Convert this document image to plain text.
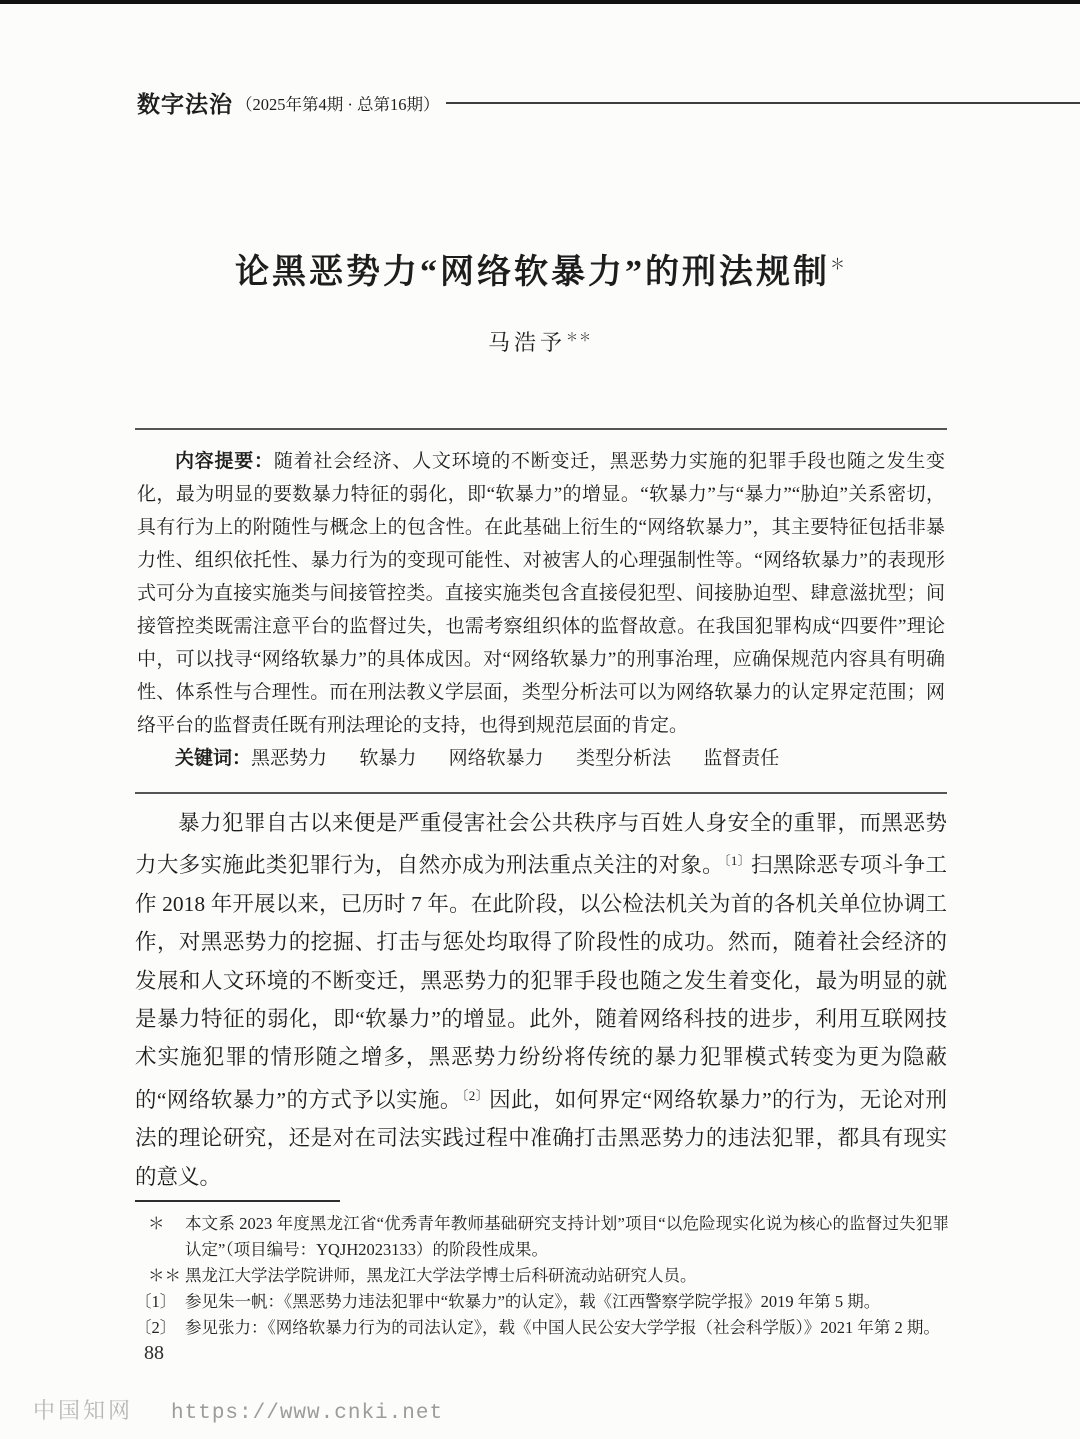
数字法治 （2025年第4期 · 总第16期）
论黑恶势力“网络软暴力”的刑法规制＊
马浩予＊＊

内容提要：随着社会经济、人文环境的不断变迁，黑恶势力实施的犯罪手段也随之发生变化，最为明显的要数暴力特征的弱化，即“软暴力”的增显。“软暴力”与“暴力”“胁迫”关系密切，具有行为上的附随性与概念上的包含性。在此基础上衍生的“网络软暴力”，其主要特征包括非暴力性、组织依托性、暴力行为的变现可能性、对被害人的心理强制性等。“网络软暴力”的表现形式可分为直接实施类与间接管控类。直接实施类包含直接侵犯型、间接胁迫型、肆意滋扰型；间接管控类既需注意平台的监督过失，也需考察组织体的监督故意。在我国犯罪构成“四要件”理论中，可以找寻“网络软暴力”的具体成因。对“网络软暴力”的刑事治理，应确保规范内容具有明确性、体系性与合理性。而在刑法教义学层面，类型分析法可以为网络软暴力的认定界定范围；网络平台的监督责任既有刑法理论的支持，也得到规范层面的肯定。

关键词：黑恶势力 软暴力 网络软暴力 类型分析法 监督责任

暴力犯罪自古以来便是严重侵害社会公共秩序与百姓人身安全的重罪，而黑恶势力大多实施此类犯罪行为，自然亦成为刑法重点关注的对象。$^{〔1〕}$扫黑除恶专项斗争工作 2018 年开展以来，已历时 7 年。在此阶段，以公检法机关为首的各机关单位协调工作，对黑恶势力的挖掘、打击与惩处均取得了阶段性的成功。然而，随着社会经济的发展和人文环境的不断变迁，黑恶势力的犯罪手段也随之发生着变化，最为明显的就是暴力特征的弱化，即“软暴力”的增显。此外，随着网络科技的进步，利用互联网技术实施犯罪的情形随之增多，黑恶势力纷纷将传统的暴力犯罪模式转变为更为隐蔽的“网络软暴力”的方式予以实施。$^{〔2〕}$因此，如何界定“网络软暴力”的行为，无论对刑法的理论研究，还是对在司法实践过程中准确打击黑恶势力的违法犯罪，都具有现实的意义。

＊	本文系 2023 年度黑龙江省“优秀青年教师基础研究支持计划”项目“以危险现实化说为核心的监督过失犯罪认定”（项目编号：YQJH2023133）的阶段性成果。
＊＊ 黑龙江大学法学院讲师，黑龙江大学法学博士后科研流动站研究人员。
〔1〕 参见朱一帆：《黑恶势力违法犯罪中“软暴力”的认定》，载《江西警察学院学报》2019 年第 5 期。
〔2〕 参见张力：《网络软暴力行为的司法认定》，载《中国人民公安大学学报（社会科学版）》2021 年第 2 期。
88
中国知网 https://www.cnki.net
